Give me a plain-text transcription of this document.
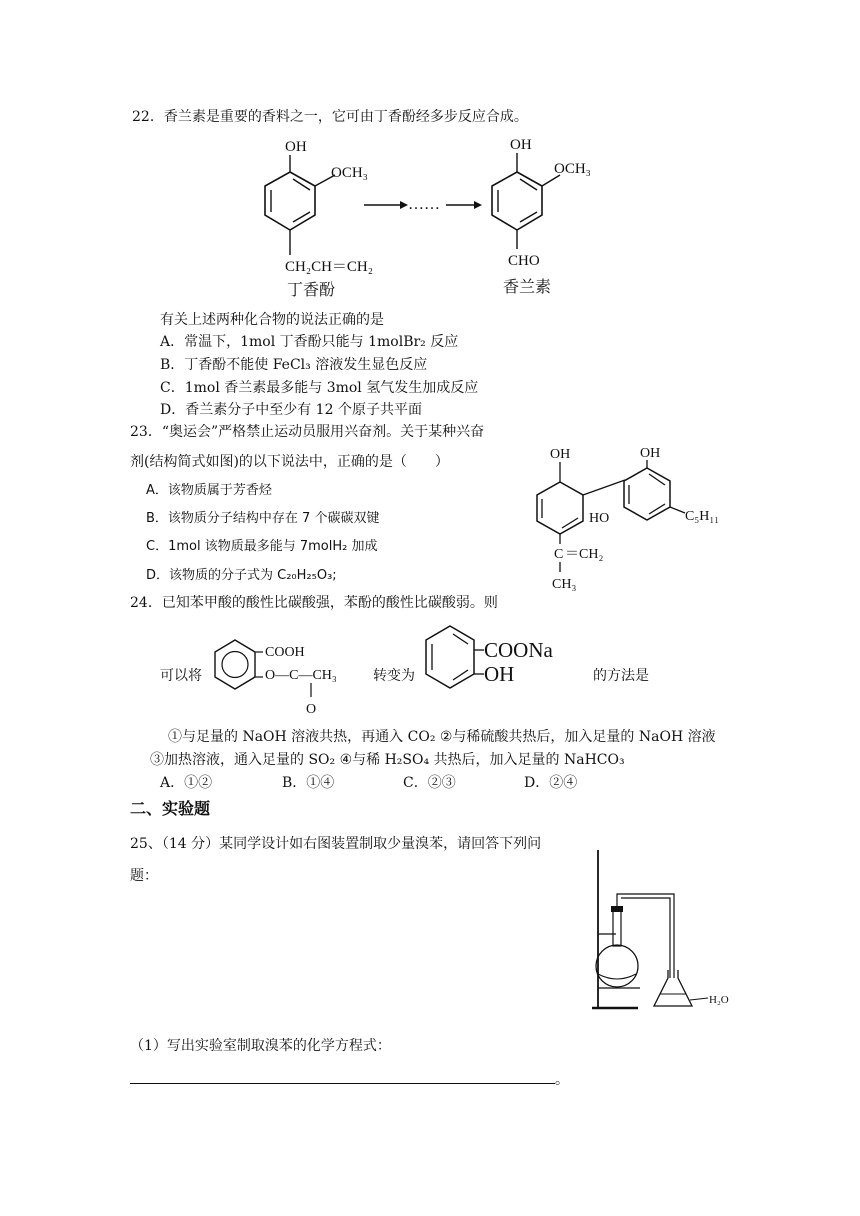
22．香兰素是重要的香料之一，它可由丁香酚经多步反应合成。
OH
OCH₃
CH₂CH＝CH₂
丁香酚
……
OH
OCH₃
CHO
香兰素
有关上述两种化合物的说法正确的是
A．常温下，1mol 丁香酚只能与 1molBr₂ 反应
B．丁香酚不能使 FeCl₃ 溶液发生显色反应
C．1mol 香兰素最多能与 3mol 氢气发生加成反应
D．香兰素分子中至少有 12 个原子共平面
23．“奥运会”严格禁止运动员服用兴奋剂。关于某种兴奋
剂(结构简式如图)的以下说法中，正确的是（　　）
A．该物质属于芳香烃
B．该物质分子结构中存在 7 个碳碳双键
C．1mol 该物质最多能与 7molH₂ 加成
D．该物质的分子式为 C₂₀H₂₅O₃;
OH	OH
HO	C₅H₁₁
C ＝CH₂
CH₃
24．已知苯甲酸的酸性比碳酸强，苯酚的酸性比碳酸弱。则
可以将
COOH
O—C—CH₃
O
转变为
COONa
OH	的方法是
①与足量的 NaOH 溶液共热，再通入 CO₂ ②与稀硫酸共热后，加入足量的 NaOH 溶液
③加热溶液，通入足量的 SO₂ ④与稀 H₂SO₄ 共热后，加入足量的 NaHCO₃
A．①②	B．①④	C．②③	D．②④
二、实验题
25、（14 分）某同学设计如右图装置制取少量溴苯，请回答下列问
题：
H₂O
（1）写出实验室制取溴苯的化学方程式：
。
